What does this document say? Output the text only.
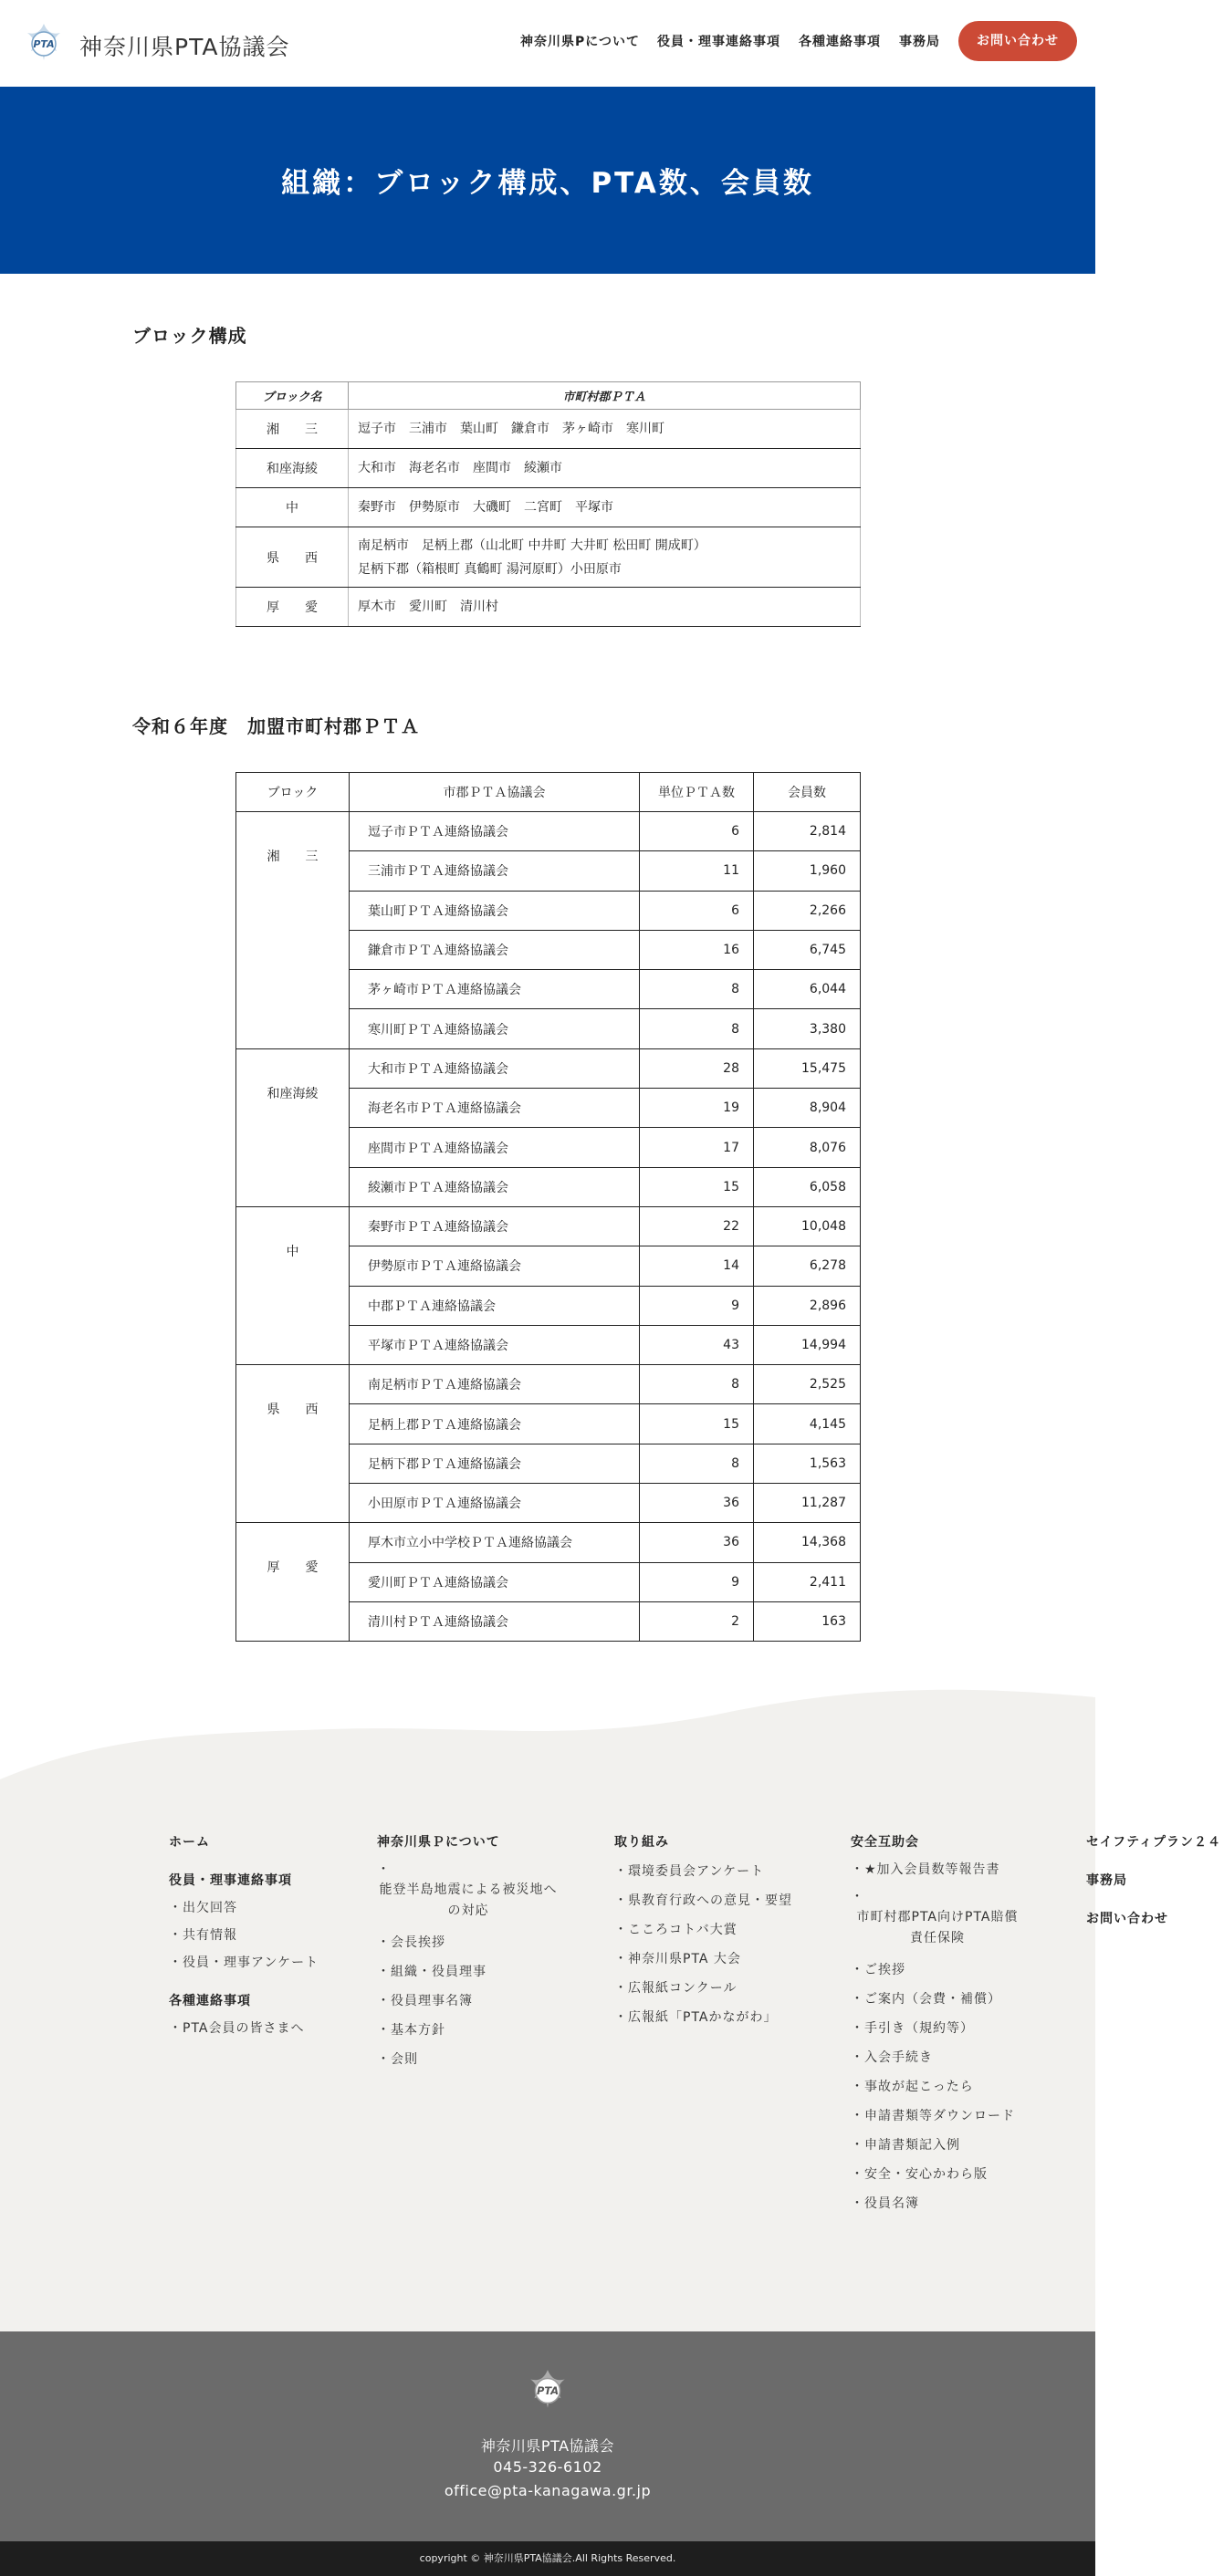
PTA 神奈川県PTA協議会	神奈川県Pについて 役員・理事連絡事項 各種連絡事項 事務局	お問い合わせ
組織：ブロック構成、PTA数、会員数
ブロック構成
ブロック名	市町村郡ＰＴＡ
湘　　三	逗子市　三浦市　葉山町　鎌倉市　茅ヶ崎市　寒川町

和座海綾	大和市　海老名市　座間市　綾瀬市

中	秦野市　伊勢原市　大磯町　二宮町　平塚市

県　　西	南足柄市　足柄上郡（山北町 中井町 大井町 松田町 開成町）
足柄下郡（箱根町 真鶴町 湯河原町）小田原市

厚　　愛	厚木市　愛川町　清川村
令和６年度　加盟市町村郡ＰＴＡ
ブロック	市郡ＰＴＡ協議会	単位ＰＴＡ数	会員数
湘　　三	逗子市ＰＴＡ連絡協議会	6	2,814
	三浦市ＰＴＡ連絡協議会	11	1,960
	葉山町ＰＴＡ連絡協議会	6	2,266
	鎌倉市ＰＴＡ連絡協議会	16	6,745
	茅ヶ崎市ＰＴＡ連絡協議会	8	6,044
	寒川町ＰＴＡ連絡協議会	8	3,380
和座海綾	大和市ＰＴＡ連絡協議会	28	15,475
	海老名市ＰＴＡ連絡協議会	19	8,904
	座間市ＰＴＡ連絡協議会	17	8,076
	綾瀬市ＰＴＡ連絡協議会	15	6,058
中	秦野市ＰＴＡ連絡協議会	22	10,048
	伊勢原市ＰＴＡ連絡協議会	14	6,278
	中郡ＰＴＡ連絡協議会	9	2,896
	平塚市ＰＴＡ連絡協議会	43	14,994
県　　西	南足柄市ＰＴＡ連絡協議会	8	2,525
	足柄上郡ＰＴＡ連絡協議会	15	4,145
	足柄下郡ＰＴＡ連絡協議会	8	1,563
	小田原市ＰＴＡ連絡協議会	36	11,287
厚　　愛	厚木市立小中学校ＰＴＡ連絡協議会	36	14,368
	愛川町ＰＴＡ連絡協議会	9	2,411
	清川村ＰＴＡ連絡協議会	2	163
ホーム
役員・理事連絡事項
・ 出欠回答
・ 共有情報
・ 役員・理事アンケート
各種連絡事項
・ PTA会員の皆さまへ
神奈川県Ｐについて
・
能登半島地震による被災地への対応
・ 会長挨拶
・ 組織・役員理事
・ 役員理事名簿
・ 基本方針
・ 会則
取り組み
・ 環境委員会アンケート
・ 県教育行政への意見・要望
・ こころコトバ大賞
・ 神奈川県PTA 大会
・ 広報紙コンクール
・ 広報紙「PTAかながわ」
安全互助会
・ ★加入会員数等報告書
・
市町村郡PTA向けPTA賠償責任保険
・ ご挨拶
・ ご案内（会費・補償）
・ 手引き（規約等）
・ 入会手続き
・ 事故が起こったら
・ 申請書類等ダウンロード
・ 申請書類記入例
・ 安全・安心かわら版
・ 役員名簿
セイフティプラン２４
事務局
お問い合わせ
PTA
神奈川県PTA協議会
045-326-6102
office@pta-kanagawa.gr.jp
copyright © 神奈川県PTA協議会.All Rights Reserved.
